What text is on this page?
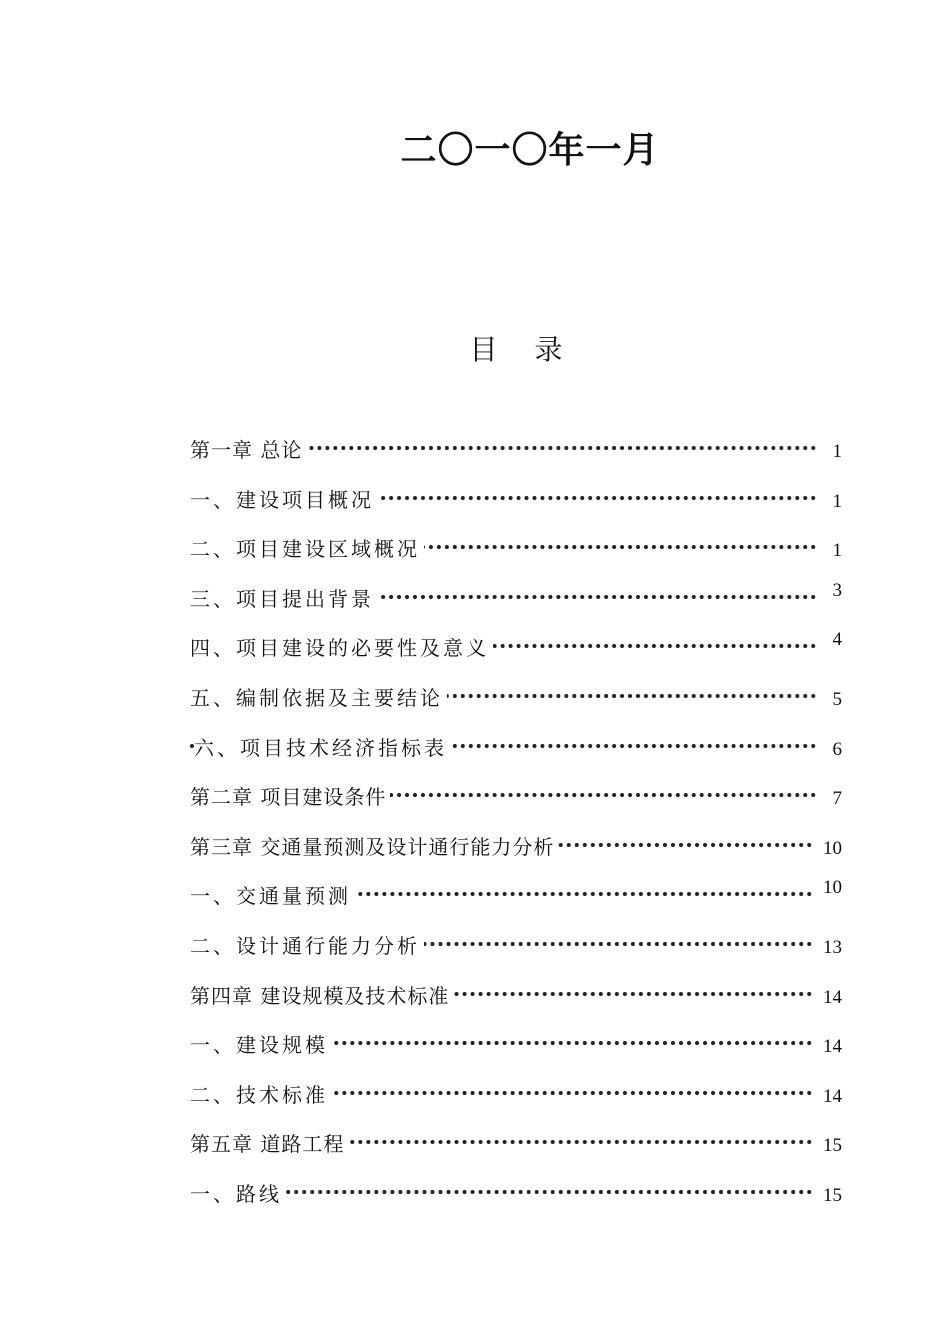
二〇一〇年一月
目 录
第一章 总论	1
一、建设项目概况	1
二、项目建设区域概况	1
三、项目提出背景	3
四、项目建设的必要性及意义	4
五、编制依据及主要结论	5
六、项目技术经济指标表	6
第二章 项目建设条件	7
第三章 交通量预测及设计通行能力分析	10
一、交通量预测	10
二、设计通行能力分析	13
第四章 建设规模及技术标准	14
一、建设规模	14
二、技术标准	14
第五章 道路工程	15
一、路线	15
